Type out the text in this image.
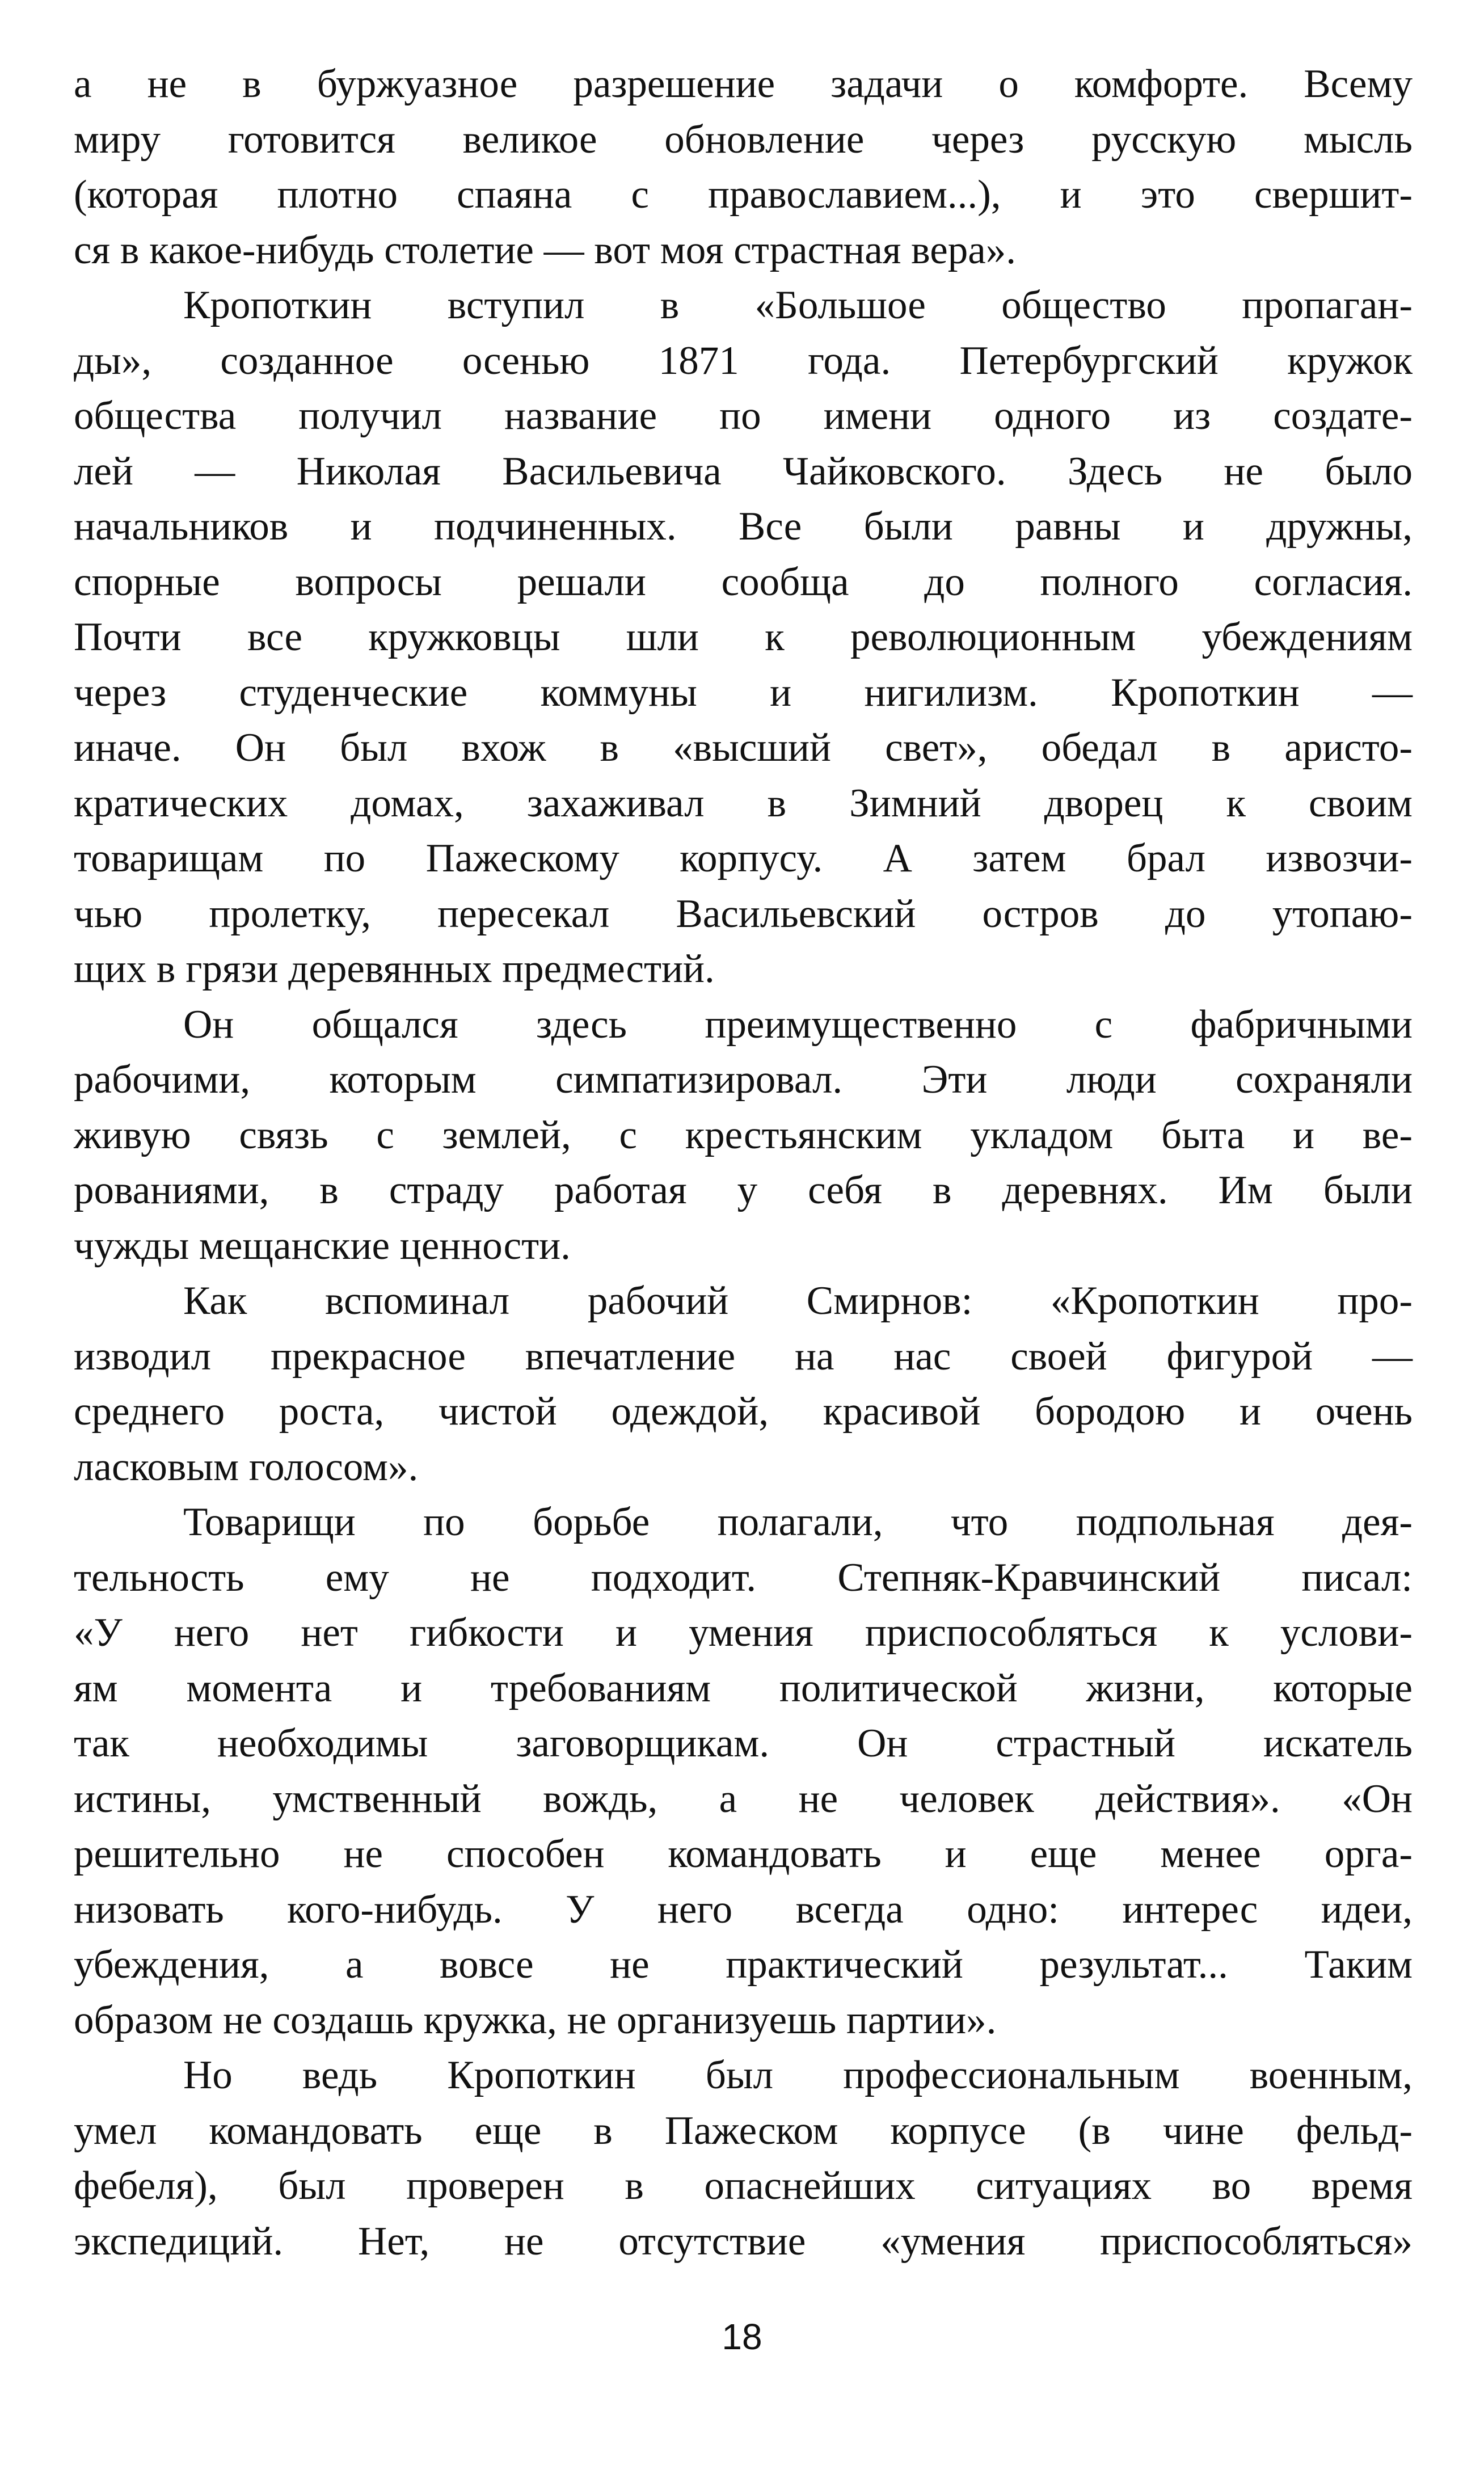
а не в буржуазное разрешение задачи о комфорте. Всему
миру готовится великое обновление через русскую мысль
(которая плотно спаяна с православием...), и это свершит-
ся в какое-нибудь столетие — вот моя страстная вера».
Кропоткин вступил в «Большое общество пропаган-
ды», созданное осенью 1871 года. Петербургский кружок
общества получил название по имени одного из создате-
лей — Николая Васильевича Чайковского. Здесь не было
начальников и подчиненных. Все были равны и дружны,
спорные вопросы решали сообща до полного согласия.
Почти все кружковцы шли к революционным убеждениям
через студенческие коммуны и нигилизм. Кропоткин —
иначе. Он был вхож в «высший свет», обедал в аристо-
кратических домах, захаживал в Зимний дворец к своим
товарищам по Пажескому корпусу. А затем брал извозчи-
чью пролетку, пересекал Васильевский остров до утопаю-
щих в грязи деревянных предместий.
Он общался здесь преимущественно с фабричными
рабочими, которым симпатизировал. Эти люди сохраняли
живую связь с землей, с крестьянским укладом быта и ве-
рованиями, в страду работая у себя в деревнях. Им были
чужды мещанские ценности.
Как вспоминал рабочий Смирнов: «Кропоткин про-
изводил прекрасное впечатление на нас своей фигурой —
среднего роста, чистой одеждой, красивой бородою и очень
ласковым голосом».
Товарищи по борьбе полагали, что подпольная дея-
тельность ему не подходит. Степняк-Кравчинский писал:
«У него нет гибкости и умения приспособляться к услови-
ям момента и требованиям политической жизни, которые
так необходимы заговорщикам. Он страстный искатель
истины, умственный вождь, а не человек действия». «Он
решительно не способен командовать и еще менее орга-
низовать кого-нибудь. У него всегда одно: интерес идеи,
убеждения, а вовсе не практический результат... Таким
образом не создашь кружка, не организуешь партии».
Но ведь Кропоткин был профессиональным военным,
умел командовать еще в Пажеском корпусе (в чине фельд-
фебеля), был проверен в опаснейших ситуациях во время
экспедиций. Нет, не отсутствие «умения приспособляться»
18
